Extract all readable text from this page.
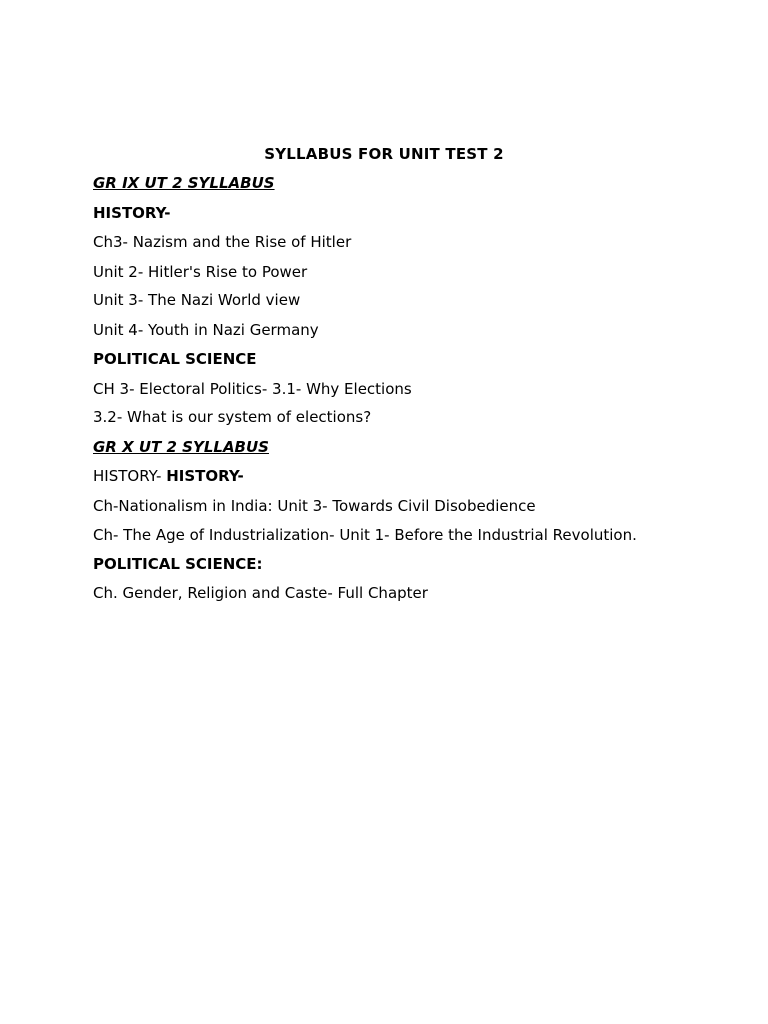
SYLLABUS FOR UNIT TEST 2
GR IX UT 2 SYLLABUS
HISTORY-
Ch3- Nazism and the Rise of Hitler
Unit 2- Hitler's Rise to Power
Unit 3- The Nazi World view
Unit 4- Youth in Nazi Germany
POLITICAL SCIENCE
CH 3- Electoral Politics- 3.1- Why Elections
3.2- What is our system of elections?
GR X UT 2 SYLLABUS
HISTORY- HISTORY-
Ch-Nationalism in India: Unit 3- Towards Civil Disobedience
Ch- The Age of Industrialization- Unit 1- Before the Industrial Revolution.
POLITICAL SCIENCE:
Ch. Gender, Religion and Caste- Full Chapter
